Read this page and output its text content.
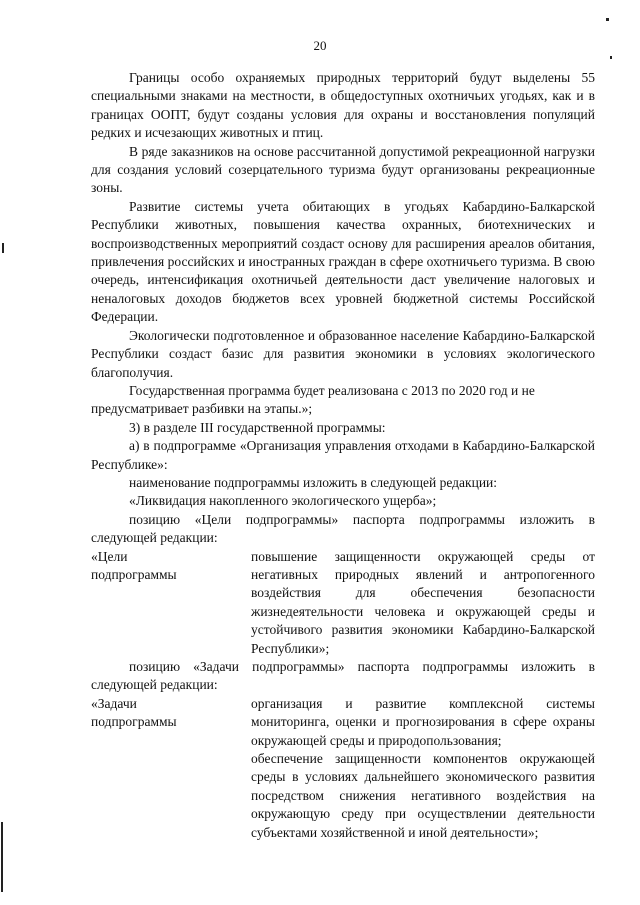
20

Границы особо охраняемых природных территорий будут выделены 55 специальными знаками на местности, в общедоступных охотничьих угодьях, как и в границах ООПТ, будут созданы условия для охраны и восстановления популяций редких и исчезающих животных и птиц.

В ряде заказников на основе рассчитанной допустимой рекреационной нагрузки для создания условий созерцательного туризма будут организованы рекреационные зоны.

Развитие системы учета обитающих в угодьях Кабардино-Балкарской Республики животных, повышения качества охранных, биотехнических и воспроизводственных мероприятий создаст основу для расширения ареалов обитания, привлечения российских и иностранных граждан в сфере охотничьего туризма. В свою очередь, интенсификация охотничьей деятельности даст увеличение налоговых и неналоговых доходов бюджетов всех уровней бюджетной системы Российской Федерации.

Экологически подготовленное и образованное население Кабардино-Балкарской Республики создаст базис для развития экономики в условиях экологического благополучия.

Государственная программа будет реализована с 2013 по 2020 год и не предусматривает разбивки на этапы.»;

3) в разделе III государственной программы:

а) в подпрограмме «Организация управления отходами в Кабардино-Балкарской Республике»:

наименование подпрограммы изложить в следующей редакции:

«Ликвидация накопленного экологического ущерба»;

позицию «Цели подпрограммы» паспорта подпрограммы изложить в следующей редакции:

«Цели
подпрограммы
повышение защищенности окружающей среды от негативных природных явлений и антропогенного воздействия для обеспечения безопасности жизнедеятельности человека и окружающей среды и устойчивого развития экономики Кабардино-Балкарской Республики»;

позицию «Задачи подпрограммы» паспорта подпрограммы изложить в следующей редакции:

«Задачи
подпрограммы
организация и развитие комплексной системы мониторинга, оценки и прогнозирования в сфере охраны окружающей среды и природопользования;
обеспечение защищенности компонентов окружающей среды в условиях дальнейшего экономического развития посредством снижения негативного воздействия на окружающую среду при осуществлении деятельности субъектами хозяйственной и иной деятельности»;
